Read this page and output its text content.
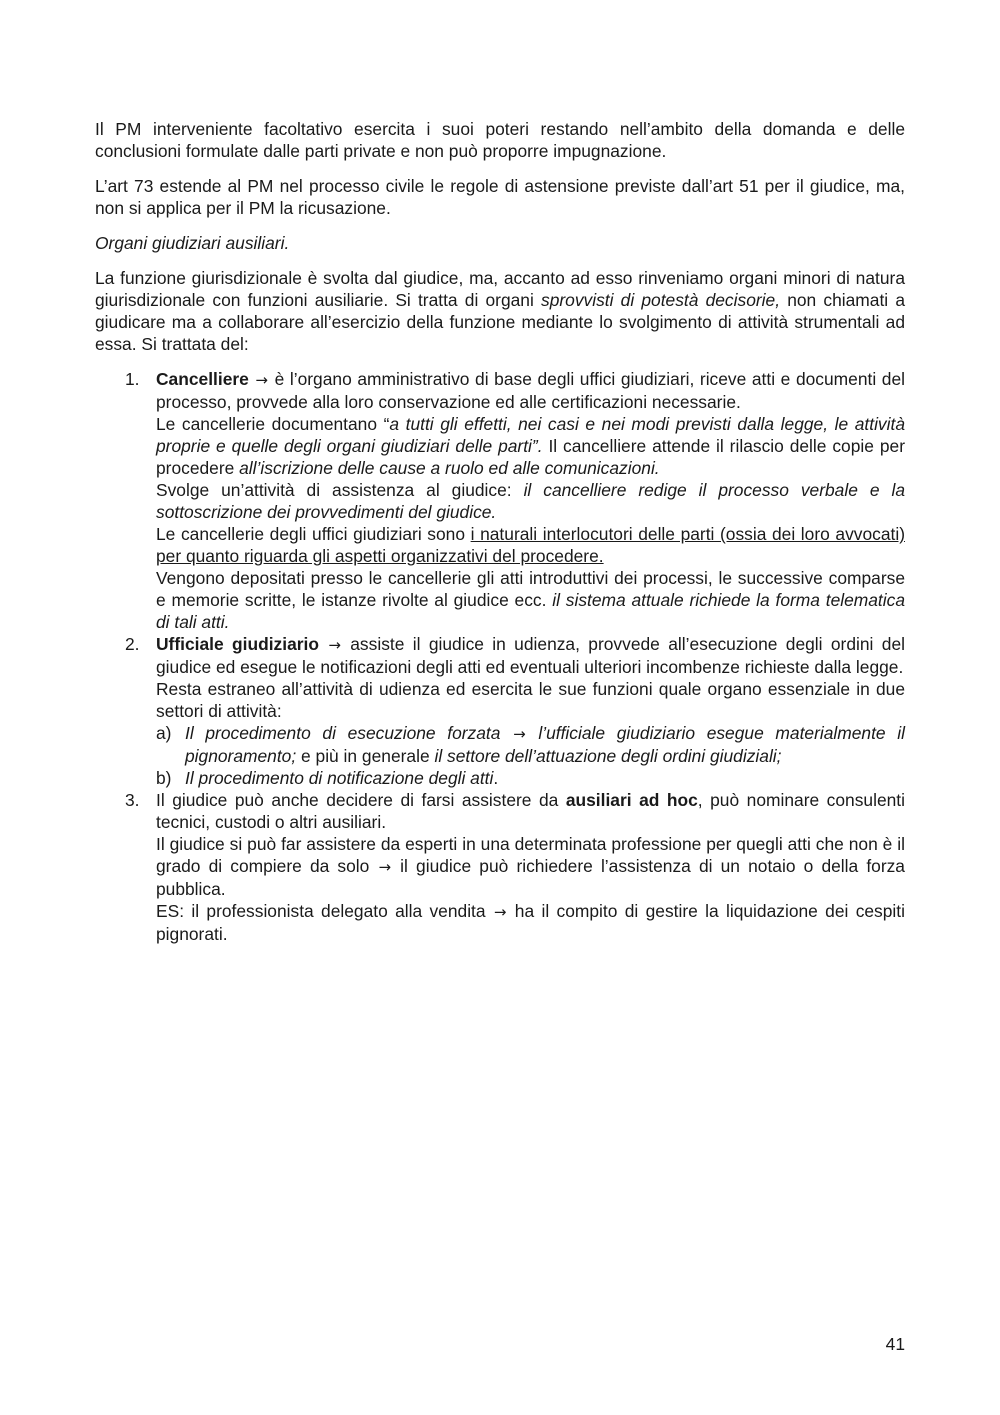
Il PM interveniente facoltativo esercita i suoi poteri restando nell’ambito della domanda e delle conclusioni formulate dalle parti private e non può proporre impugnazione.

L’art 73 estende al PM nel processo civile le regole di astensione previste dall’art 51 per il giudice, ma, non si applica per il PM la ricusazione.

Organi giudiziari ausiliari.

La funzione giurisdizionale è svolta dal giudice, ma, accanto ad esso rinveniamo organi minori di natura giurisdizionale con funzioni ausiliarie. Si tratta di organi sprovvisti di potestà decisorie, non chiamati a giudicare ma a collaborare all’esercizio della funzione mediante lo svolgimento di attività strumentali ad essa. Si trattata del:

1. Cancelliere → è l’organo amministrativo di base degli uffici giudiziari, riceve atti e documenti del processo, provvede alla loro conservazione ed alle certificazioni necessarie.
Le cancellerie documentano “a tutti gli effetti, nei casi e nei modi previsti dalla legge, le attività proprie e quelle degli organi giudiziari delle parti”. Il cancelliere attende il rilascio delle copie per procedere all’iscrizione delle cause a ruolo ed alle comunicazioni.
Svolge un’attività di assistenza al giudice: il cancelliere redige il processo verbale e la sottoscrizione dei provvedimenti del giudice.
Le cancellerie degli uffici giudiziari sono i naturali interlocutori delle parti (ossia dei loro avvocati) per quanto riguarda gli aspetti organizzativi del procedere.
Vengono depositati presso le cancellerie gli atti introduttivi dei processi, le successive comparse e memorie scritte, le istanze rivolte al giudice ecc. il sistema attuale richiede la forma telematica di tali atti.
2. Ufficiale giudiziario → assiste il giudice in udienza, provvede all’esecuzione degli ordini del giudice ed esegue le notificazioni degli atti ed eventuali ulteriori incombenze richieste dalla legge.
Resta estraneo all’attività di udienza ed esercita le sue funzioni quale organo essenziale in due settori di attività:
a) Il procedimento di esecuzione forzata → l’ufficiale giudiziario esegue materialmente il pignoramento; e più in generale il settore dell’attuazione degli ordini giudiziali;
b) Il procedimento di notificazione degli atti.
3. Il giudice può anche decidere di farsi assistere da ausiliari ad hoc, può nominare consulenti tecnici, custodi o altri ausiliari.
Il giudice si può far assistere da esperti in una determinata professione per quegli atti che non è il grado di compiere da solo → il giudice può richiedere l’assistenza di un notaio o della forza pubblica.
ES: il professionista delegato alla vendita → ha il compito di gestire la liquidazione dei cespiti pignorati.
41
